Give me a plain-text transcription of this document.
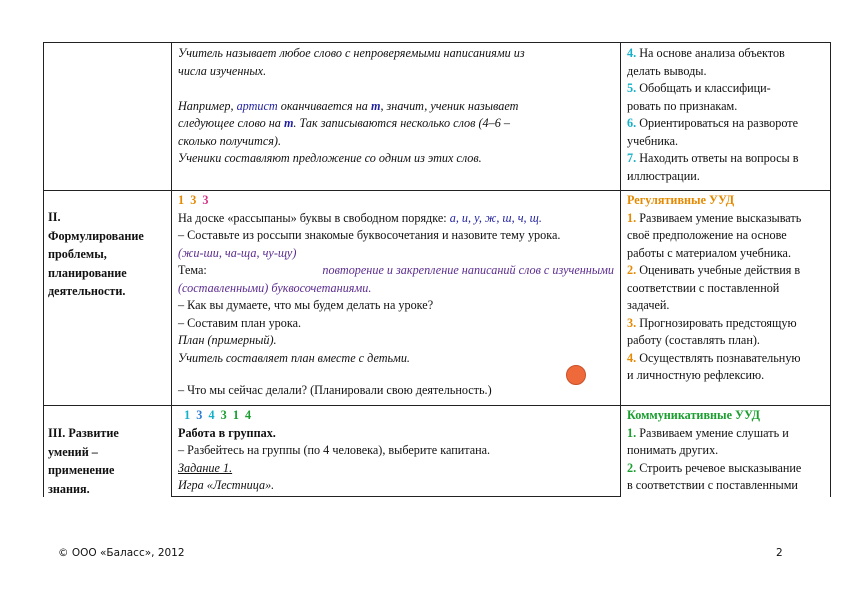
Учитель называет любое слово с непроверяемыми написаниями из
числа изученных.
Например, артист оканчивается на т, значит, ученик называет
следующее слово на т. Так записываются несколько слов (4–6 –
сколько получится).
Ученики составляют предложение со одним из этих слов.
4. На основе анализа объектов
делать выводы.
5. Обобщать и классифици-
ровать по признакам.
6. Ориентироваться на развороте
учебника.
7. Находить ответы на вопросы в
иллюстрации.
II.
Формулирование
проблемы,
планирование
деятельности.
1 3 3
На доске «рассыпаны» буквы в свободном порядке: а, и, у, ж, ш, ч, щ.
– Составьте из россыпи знакомые буквосочетания и назовите тему урока.
(жи-ши, ча-ща, чу-щу)
Тема:
	повторение и закрепление написаний слов с изученными
(составленными) буквосочетаниями.
– Как вы думаете, что мы будем делать на уроке?
– Составим план урока.
План (примерный).
Учитель составляет план вместе с детьми.
– Что мы сейчас делали? (Планировали свою деятельность.)
Регулятивные УУД
1. Развиваем умение высказывать
своё предположение на основе
работы с материалом учебника.
2. Оценивать учебные действия в
соответствии с поставленной
задачей.
3. Прогнозировать предстоящую
работу (составлять план).
4. Осуществлять познавательную
и личностную рефлексию.
III. Развитие
умений –
применение
знания.
1 3 4 3 1 4
Работа в группах.
– Разбейтесь на группы (по 4 человека), выберите капитана.
Задание 1.
Игра «Лестница».
Коммуникативные УУД
1. Развиваем умение слушать и
понимать других.
2. Строить речевое высказывание
в соответствии с поставленными
© ООО «Баласс», 2012	2
